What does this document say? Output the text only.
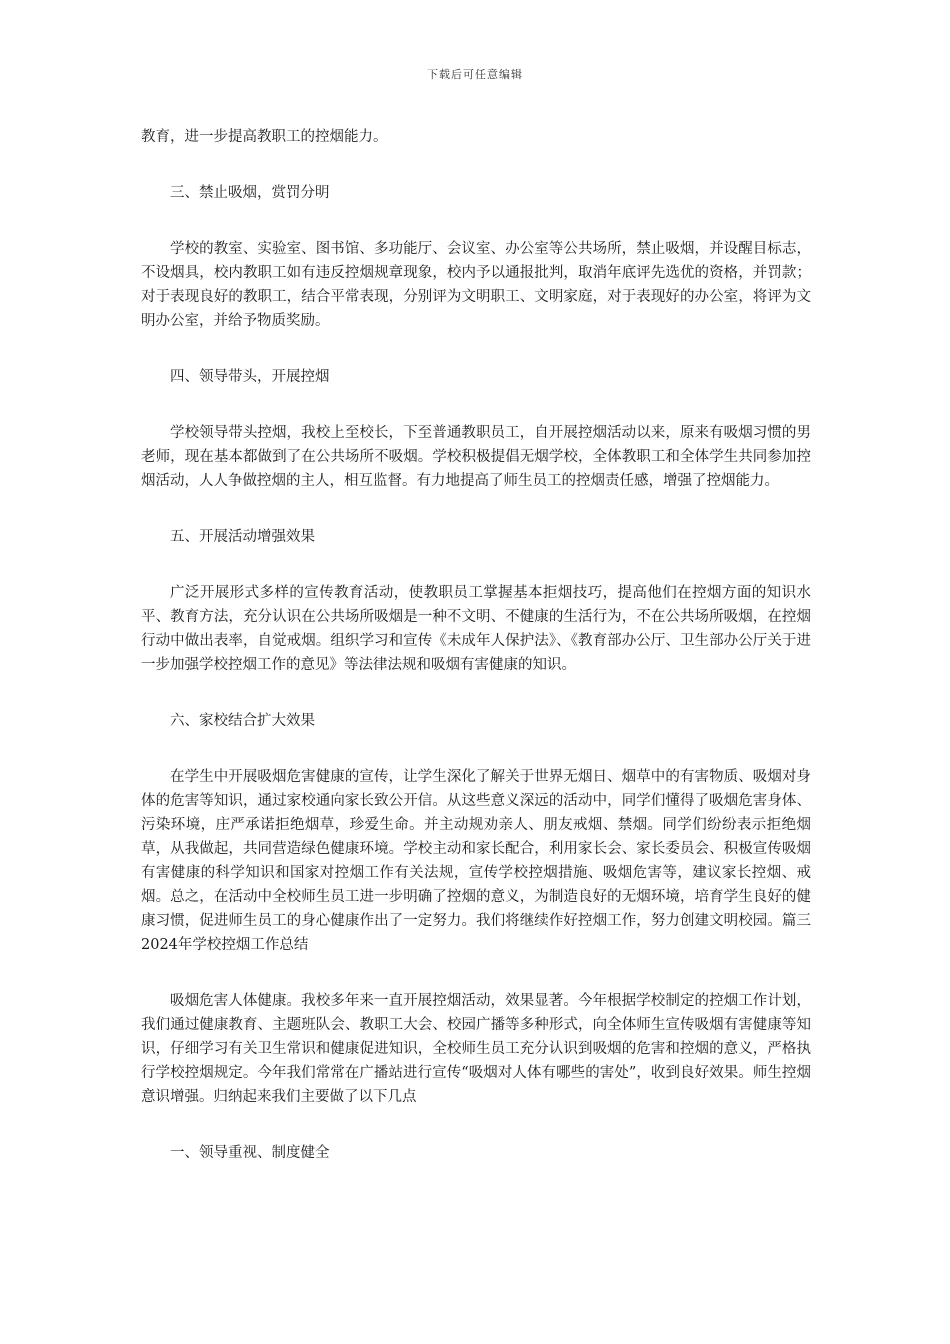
下载后可任意编辑

教育，进一步提高教职工的控烟能力。

三、禁止吸烟，赏罚分明

学校的教室、实验室、图书馆、多功能厅、会议室、办公室等公共场所，禁止吸烟，并设醒目标志，不设烟具，校内教职工如有违反控烟规章现象，校内予以通报批判，取消年底评先选优的资格，并罚款；对于表现良好的教职工，结合平常表现，分别评为文明职工、文明家庭，对于表现好的办公室，将评为文明办公室，并给予物质奖励。

四、领导带头，开展控烟

学校领导带头控烟，我校上至校长，下至普通教职员工，自开展控烟活动以来，原来有吸烟习惯的男老师，现在基本都做到了在公共场所不吸烟。学校积极提倡无烟学校，全体教职工和全体学生共同参加控烟活动，人人争做控烟的主人，相互监督。有力地提高了师生员工的控烟责任感，增强了控烟能力。

五、开展活动增强效果

广泛开展形式多样的宣传教育活动，使教职员工掌握基本拒烟技巧，提高他们在控烟方面的知识水平、教育方法，充分认识在公共场所吸烟是一种不文明、不健康的生活行为，不在公共场所吸烟，在控烟行动中做出表率，自觉戒烟。组织学习和宣传《未成年人保护法》、《教育部办公厅、卫生部办公厅关于进一步加强学校控烟工作的意见》等法律法规和吸烟有害健康的知识。

六、家校结合扩大效果

在学生中开展吸烟危害健康的宣传，让学生深化了解关于世界无烟日、烟草中的有害物质、吸烟对身体的危害等知识，通过家校通向家长致公开信。从这些意义深远的活动中，同学们懂得了吸烟危害身体、污染环境，庄严承诺拒绝烟草，珍爱生命。并主动规劝亲人、朋友戒烟、禁烟。同学们纷纷表示拒绝烟草，从我做起，共同营造绿色健康环境。学校主动和家长配合，利用家长会、家长委员会、积极宣传吸烟有害健康的科学知识和国家对控烟工作有关法规，宣传学校控烟措施、吸烟危害等，建议家长控烟、戒烟。总之，在活动中全校师生员工进一步明确了控烟的意义，为制造良好的无烟环境，培育学生良好的健康习惯，促进师生员工的身心健康作出了一定努力。我们将继续作好控烟工作，努力创建文明校园。篇三 2024年学校控烟工作总结

吸烟危害人体健康。我校多年来一直开展控烟活动，效果显著。今年根据学校制定的控烟工作计划，我们通过健康教育、主题班队会、教职工大会、校园广播等多种形式，向全体师生宣传吸烟有害健康等知识，仔细学习有关卫生常识和健康促进知识，全校师生员工充分认识到吸烟的危害和控烟的意义，严格执行学校控烟规定。今年我们常常在广播站进行宣传“吸烟对人体有哪些的害处”，收到良好效果。师生控烟意识增强。归纳起来我们主要做了以下几点

一、领导重视、制度健全
